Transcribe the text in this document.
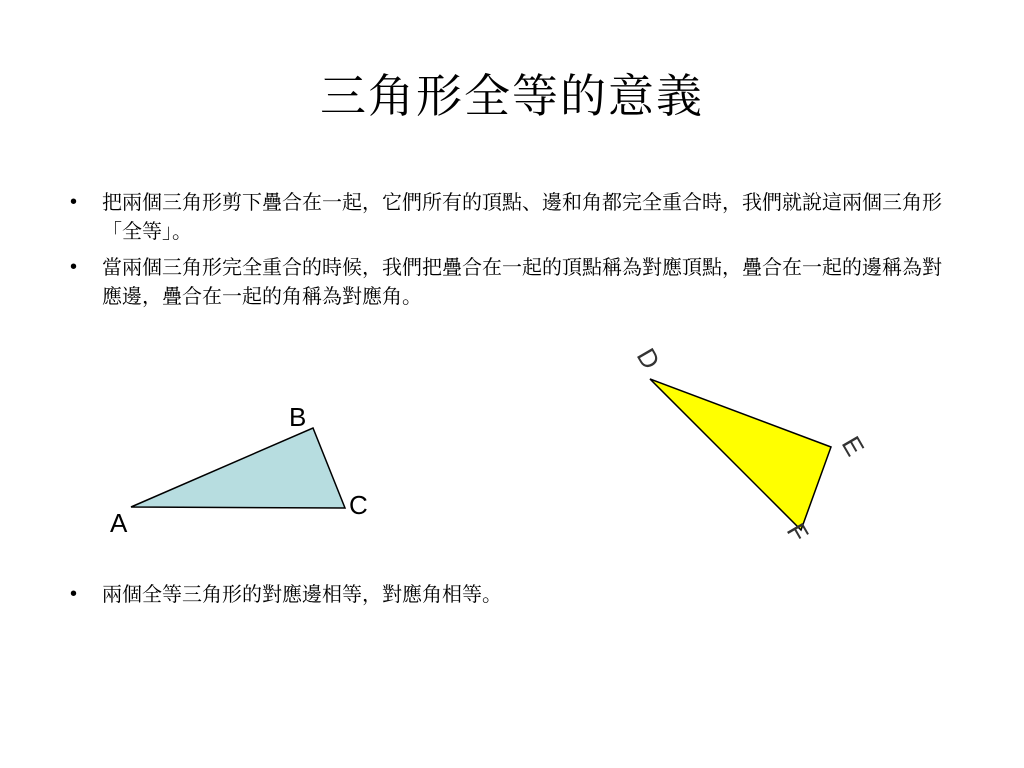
三角形全等的意義
• 把兩個三角形剪下疊合在一起，它們所有的頂點、邊和角都完全重合時，我們就說這兩個三角形「全等」。
• 當兩個三角形完全重合的時候，我們把疊合在一起的頂點稱為對應頂點，疊合在一起的邊稱為對應邊，疊合在一起的角稱為對應角。
A
B
C
D
E
F
• 兩個全等三角形的對應邊相等，對應角相等。
